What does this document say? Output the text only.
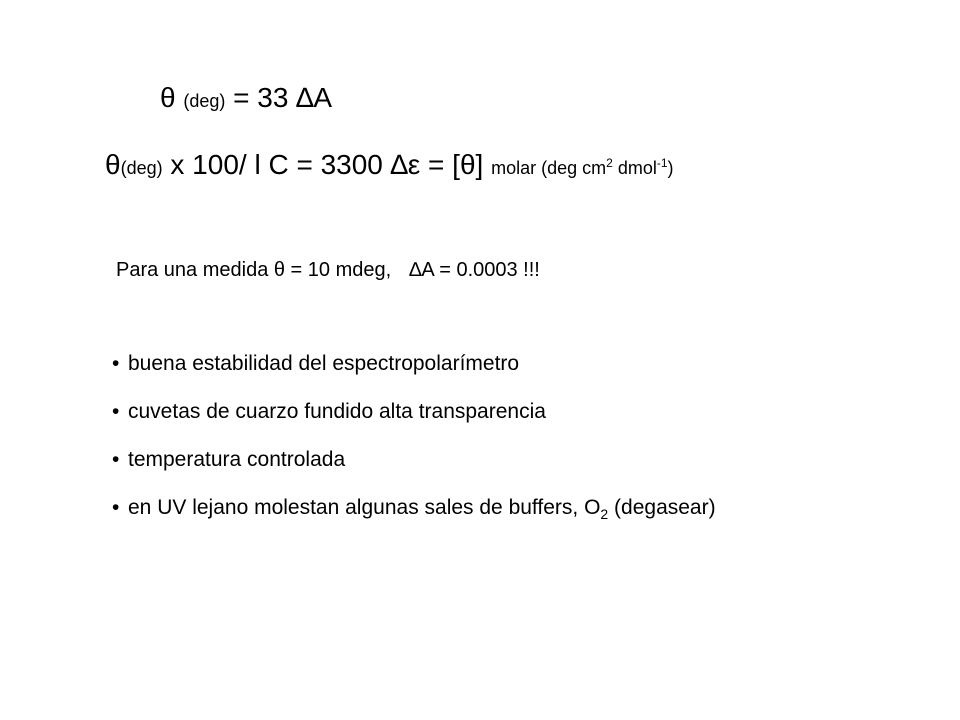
θ (deg) = 33 ∆A
θ(deg) x 100/ l C = 3300 ∆ε = [θ] molar (deg $cm^2$ dmol$^{-1}$)
Para una medida θ = 10 mdeg, ∆A = 0.0003 !!!
• buena estabilidad del espectropolarímetro
• cuvetas de cuarzo fundido alta transparencia
• temperatura controlada
• en UV lejano molestan algunas sales de buffers, $O_2$ (degasear)
